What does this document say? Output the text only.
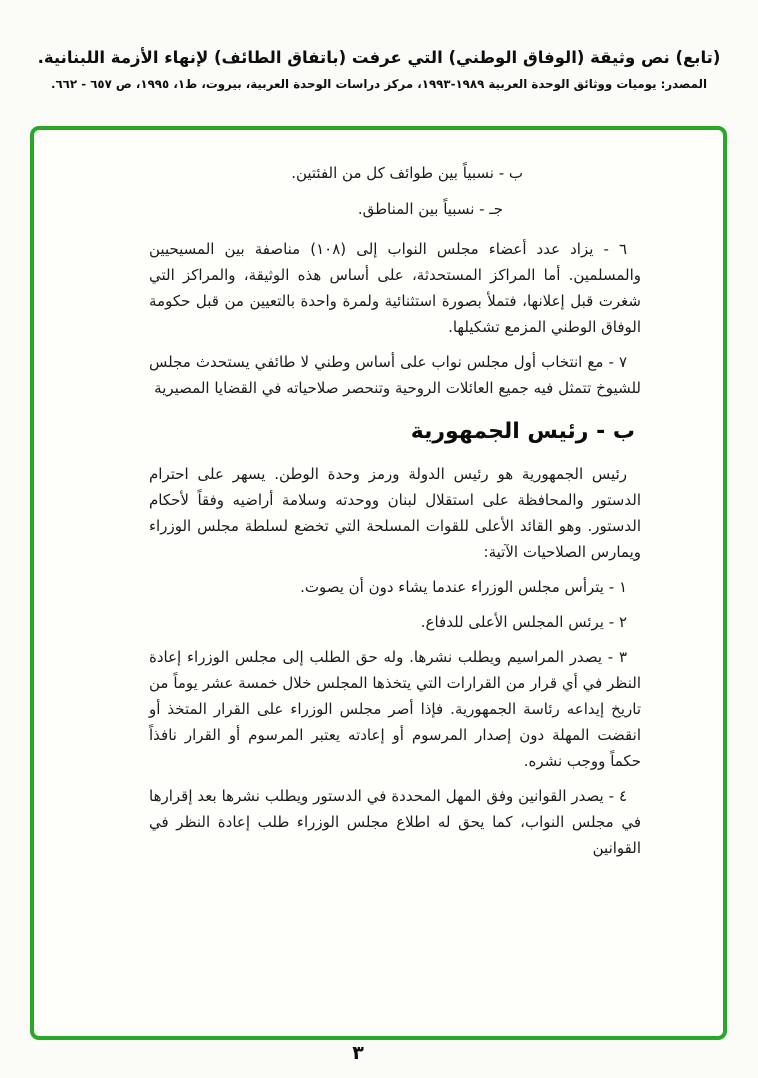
(تابع) نص وثيقة (الوفاق الوطني) التي عرفت (باتفاق الطائف) لإنهاء الأزمة اللبنانية.
المصدر: يوميات ووثائق الوحدة العربية ١٩٨٩-١٩٩٣، مركز دراسات الوحدة العربية، بيروت، ط١، ١٩٩٥، ص ٦٥٧ - ٦٦٢.

ب - نسبياً بين طوائف كل من الفئتين.

جـ - نسبياً بين المناطق.

٦ - يزاد عدد أعضاء مجلس النواب إلى (١٠٨) مناصفة بين المسيحيين والمسلمين. أما المراكز المستحدثة، على أساس هذه الوثيقة، والمراكز التي شغرت قبل إعلانها، فتملأ بصورة استثنائية ولمرة واحدة بالتعيين من قبل حكومة الوفاق الوطني المزمع تشكيلها.

٧ - مع انتخاب أول مجلس نواب على أساس وطني لا طائفي يستحدث مجلس للشيوخ تتمثل فيه جميع العائلات الروحية وتنحصر صلاحياته في القضايا المصيرية

ب - رئيس الجمهورية

رئيس الجمهورية هو رئيس الدولة ورمز وحدة الوطن. يسهر على احترام الدستور والمحافظة على استقلال لبنان ووحدته وسلامة أراضيه وفقاً لأحكام الدستور. وهو القائد الأعلى للقوات المسلحة التي تخضع لسلطة مجلس الوزراء ويمارس الصلاحيات الآتية:

١ - يترأس مجلس الوزراء عندما يشاء دون أن يصوت.

٢ - يرئس المجلس الأعلى للدفاع.

٣ - يصدر المراسيم ويطلب نشرها. وله حق الطلب إلى مجلس الوزراء إعادة النظر في أي قرار من القرارات التي يتخذها المجلس خلال خمسة عشر يوماً من تاريخ إيداعه رئاسة الجمهورية. فإذا أصر مجلس الوزراء على القرار المتخذ أو انقضت المهلة دون إصدار المرسوم أو إعادته يعتبر المرسوم أو القرار نافذاً حكماً ووجب نشره.

٤ - يصدر القوانين وفق المهل المحددة في الدستور ويطلب نشرها بعد إقرارها في مجلس النواب، كما يحق له اطلاع مجلس الوزراء طلب إعادة النظر في القوانين

٣
